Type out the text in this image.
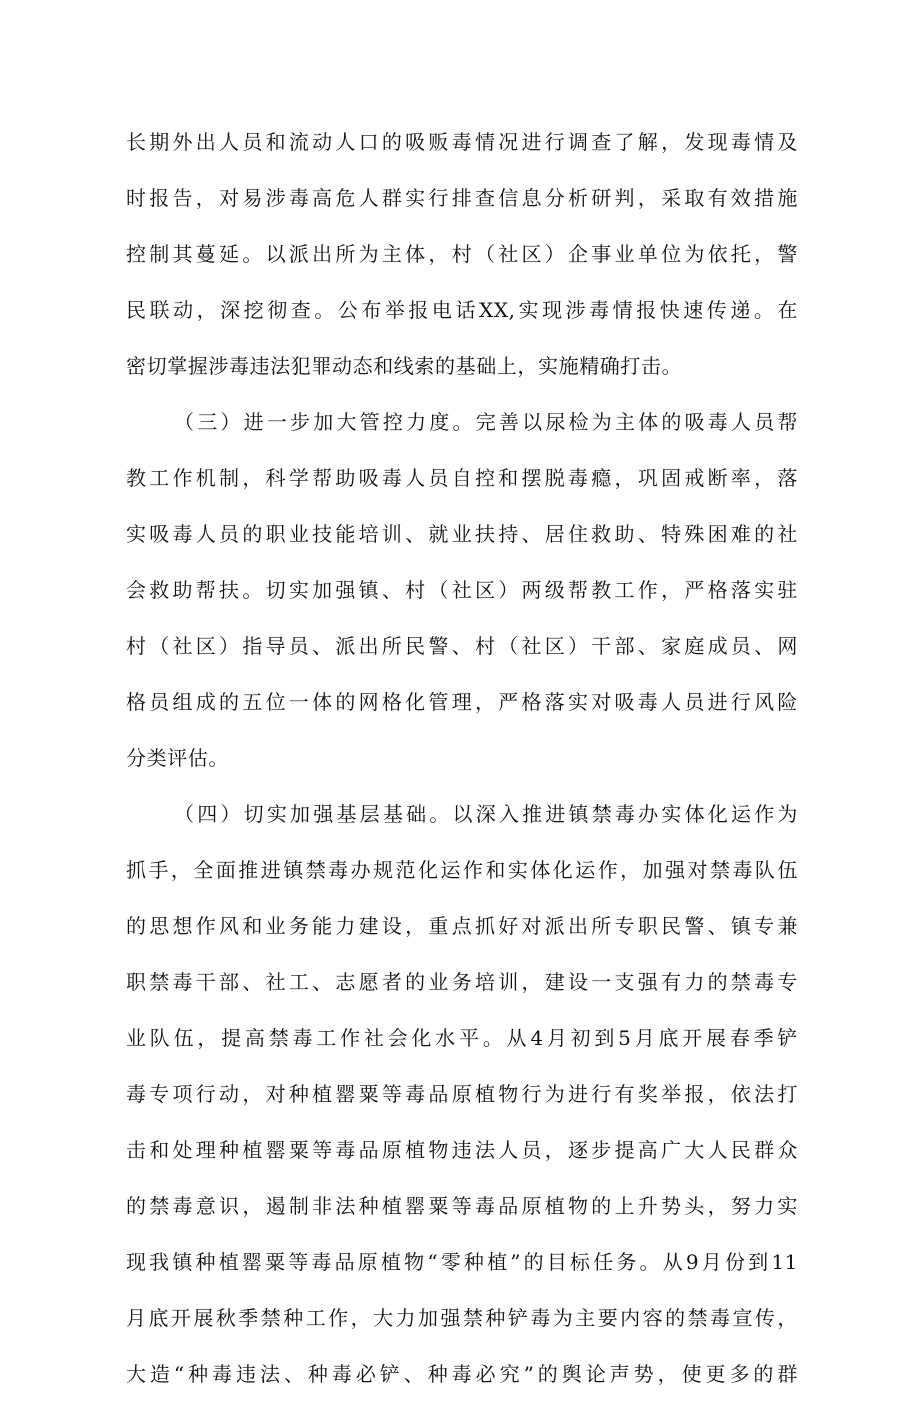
长期外出人员和流动人口的吸贩毒情况进行调查了解，发现毒情及
时报告，对易涉毒高危人群实行排查信息分析研判，采取有效措施
控制其蔓延。以派出所为主体，村（社区）企事业单位为依托，警
民联动，深挖彻查。公布举报电话XX,实现涉毒情报快速传递。在
密切掌握涉毒违法犯罪动态和线索的基础上，实施精确打击。
（三）进一步加大管控力度。完善以尿检为主体的吸毒人员帮
教工作机制，科学帮助吸毒人员自控和摆脱毒瘾，巩固戒断率，落
实吸毒人员的职业技能培训、就业扶持、居住救助、特殊困难的社
会救助帮扶。切实加强镇、村（社区）两级帮教工作，严格落实驻
村（社区）指导员、派出所民警、村（社区）干部、家庭成员、网
格员组成的五位一体的网格化管理，严格落实对吸毒人员进行风险
分类评估。
（四）切实加强基层基础。以深入推进镇禁毒办实体化运作为
抓手，全面推进镇禁毒办规范化运作和实体化运作，加强对禁毒队伍
的思想作风和业务能力建设，重点抓好对派出所专职民警、镇专兼
职禁毒干部、社工、志愿者的业务培训，建设一支强有力的禁毒专
业队伍，提高禁毒工作社会化水平。从4月初到5月底开展春季铲
毒专项行动，对种植罂粟等毒品原植物行为进行有奖举报，依法打
击和处理种植罂粟等毒品原植物违法人员，逐步提高广大人民群众
的禁毒意识，遏制非法种植罂粟等毒品原植物的上升势头，努力实
现我镇种植罂粟等毒品原植物“零种植”的目标任务。从9月份到11
月底开展秋季禁种工作，大力加强禁种铲毒为主要内容的禁毒宣传，
大造“种毒违法、种毒必铲、种毒必究”的舆论声势，使更多的群
